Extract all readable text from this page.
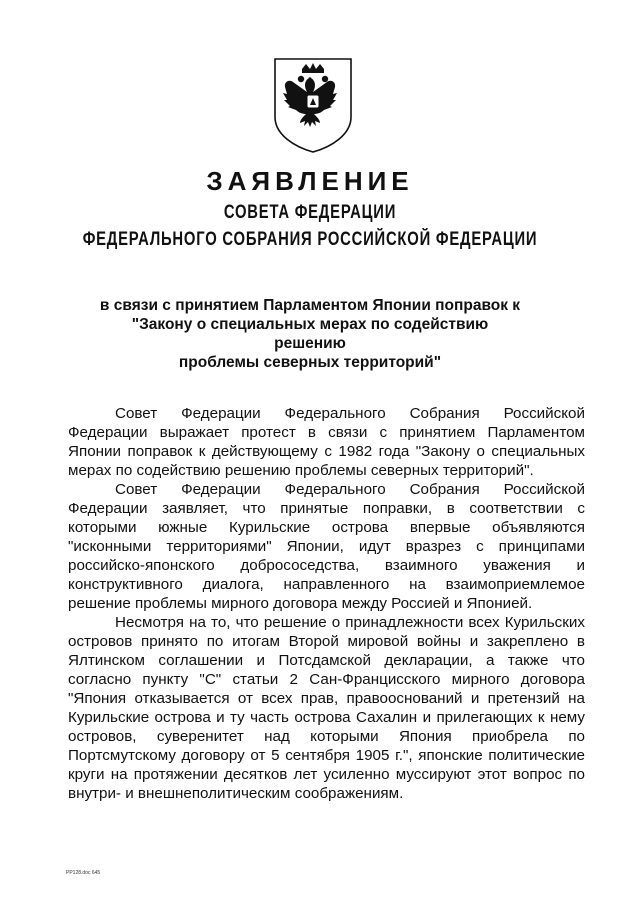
ЗАЯВЛЕНИЕ
СОВЕТА ФЕДЕРАЦИИ
ФЕДЕРАЛЬНОГО СОБРАНИЯ РОССИЙСКОЙ ФЕДЕРАЦИИ
в связи с принятием Парламентом Японии поправок к
"Закону о специальных мерах по содействию решению
проблемы северных территорий"

Совет Федерации Федерального Собрания Российской Федерации выражает протест в связи с принятием Парламентом Японии поправок к действующему с 1982 года "Закону о специальных мерах по содействию решению проблемы северных территорий".

Совет Федерации Федерального Собрания Российской Федерации заявляет, что принятые поправки, в соответствии с которыми южные Курильские острова впервые объявляются "исконными территориями" Японии, идут вразрез с принципами российско-японского добрососедства, взаимного уважения и конструктивного диалога, направленного на взаимоприемлемое решение проблемы мирного договора между Россией и Японией.

Несмотря на то, что решение о принадлежности всех Курильских островов принято по итогам Второй мировой войны и закреплено в Ялтинском соглашении и Потсдамской декларации, а также что согласно пункту "С" статьи 2 Сан-Францисского мирного договора "Япония отказывается от всех прав, правооснований и претензий на Курильские острова и ту часть острова Сахалин и прилегающих к нему островов, суверенитет над которыми Япония приобрела по Портсмутскому договору от 5 сентября 1905 г.", японские политические круги на протяжении десятков лет усиленно муссируют этот вопрос по внутри- и внешнеполитическим соображениям.

PP128.doc 645
